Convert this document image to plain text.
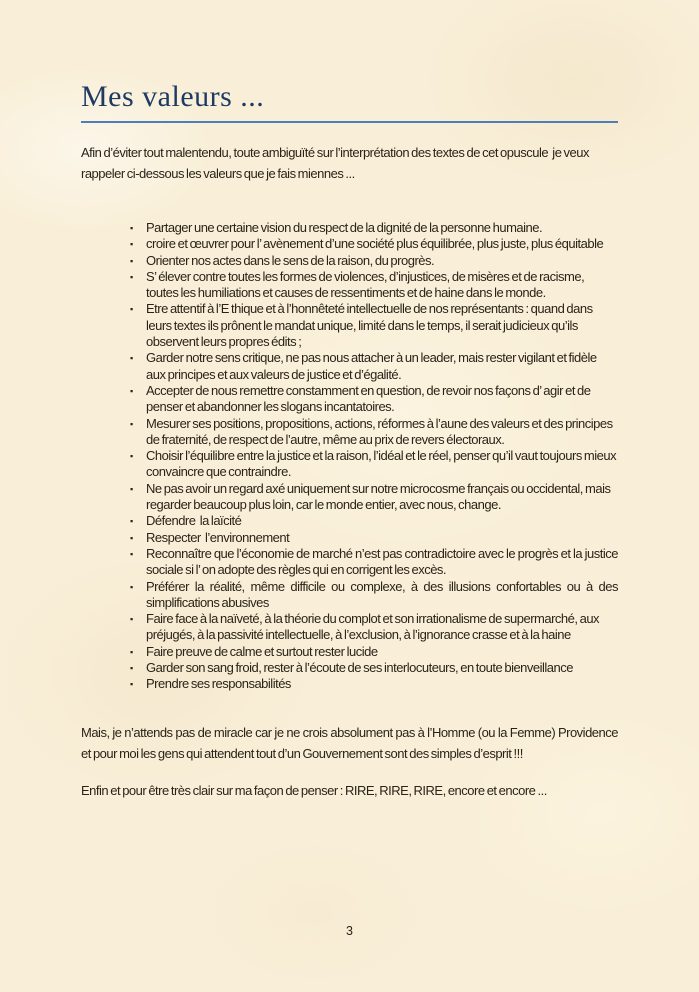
Mes valeurs ...

Afin d’éviter tout malentendu, toute ambiguïté sur l’interprétation des textes de cet opuscule  je veux rappeler ci-dessous les valeurs que je fais miennes ...

▪ Partager une certaine vision du respect de la dignité de la personne humaine.
▪ croire et œuvrer pour l’ avènement d’une société plus équilibrée, plus juste, plus équitable
▪ Orienter nos actes dans le sens de la raison, du progrès.
▪ S’ élever contre toutes les formes de violences, d’injustices, de misères et de racisme, toutes les humiliations et causes de ressentiments et de haine dans le monde.
▪ Etre attentif à l’E thique et à l’honnêteté intellectuelle de nos représentants : quand dans leurs textes ils prônent le mandat unique, limité dans le temps, il serait judicieux qu’ils observent leurs propres édits ;
▪ Garder notre sens critique, ne pas nous attacher à un leader, mais rester vigilant et fidèle aux principes et aux valeurs de justice et d’égalité.
▪ Accepter de nous remettre constamment en question, de revoir nos façons d’ agir et de penser et abandonner les slogans incantatoires.
▪ Mesurer ses positions, propositions, actions, réformes à l’aune des valeurs et des principes de fraternité, de respect de l’autre, même au prix de revers électoraux.
▪ Choisir l’équilibre entre la justice et la raison, l’idéal et le réel, penser qu’il vaut toujours mieux convaincre que contraindre.
▪ Ne pas avoir un regard axé uniquement sur notre microcosme français ou occidental, mais regarder beaucoup plus loin, car le monde entier, avec nous, change.
▪ Défendre  la laïcité
▪ Respecter  l’environnement
▪ Reconnaître que l’économie de marché n’est pas contradictoire avec le progrès et la justice sociale si l’ on adopte des règles qui en corrigent les excès.
▪ Préférer la réalité, même difficile ou complexe, à des illusions confortables ou à des simplifications abusives
▪ Faire face à la naïveté, à la théorie du complot et son irrationalisme de supermarché, aux préjugés, à la passivité intellectuelle, à l’exclusion, à l’ignorance crasse et à la haine
▪ Faire preuve de calme et surtout rester lucide
▪ Garder son sang froid, rester à l’écoute de ses interlocuteurs, en toute bienveillance
▪ Prendre ses responsabilités

Mais, je n’attends pas de miracle car je ne crois absolument pas à l’Homme (ou la Femme) Providence et pour moi les gens qui attendent tout d’un Gouvernement sont des simples d’esprit !!!

Enfin et pour être très clair sur ma façon de penser : RIRE, RIRE, RIRE, encore et encore ...

3
